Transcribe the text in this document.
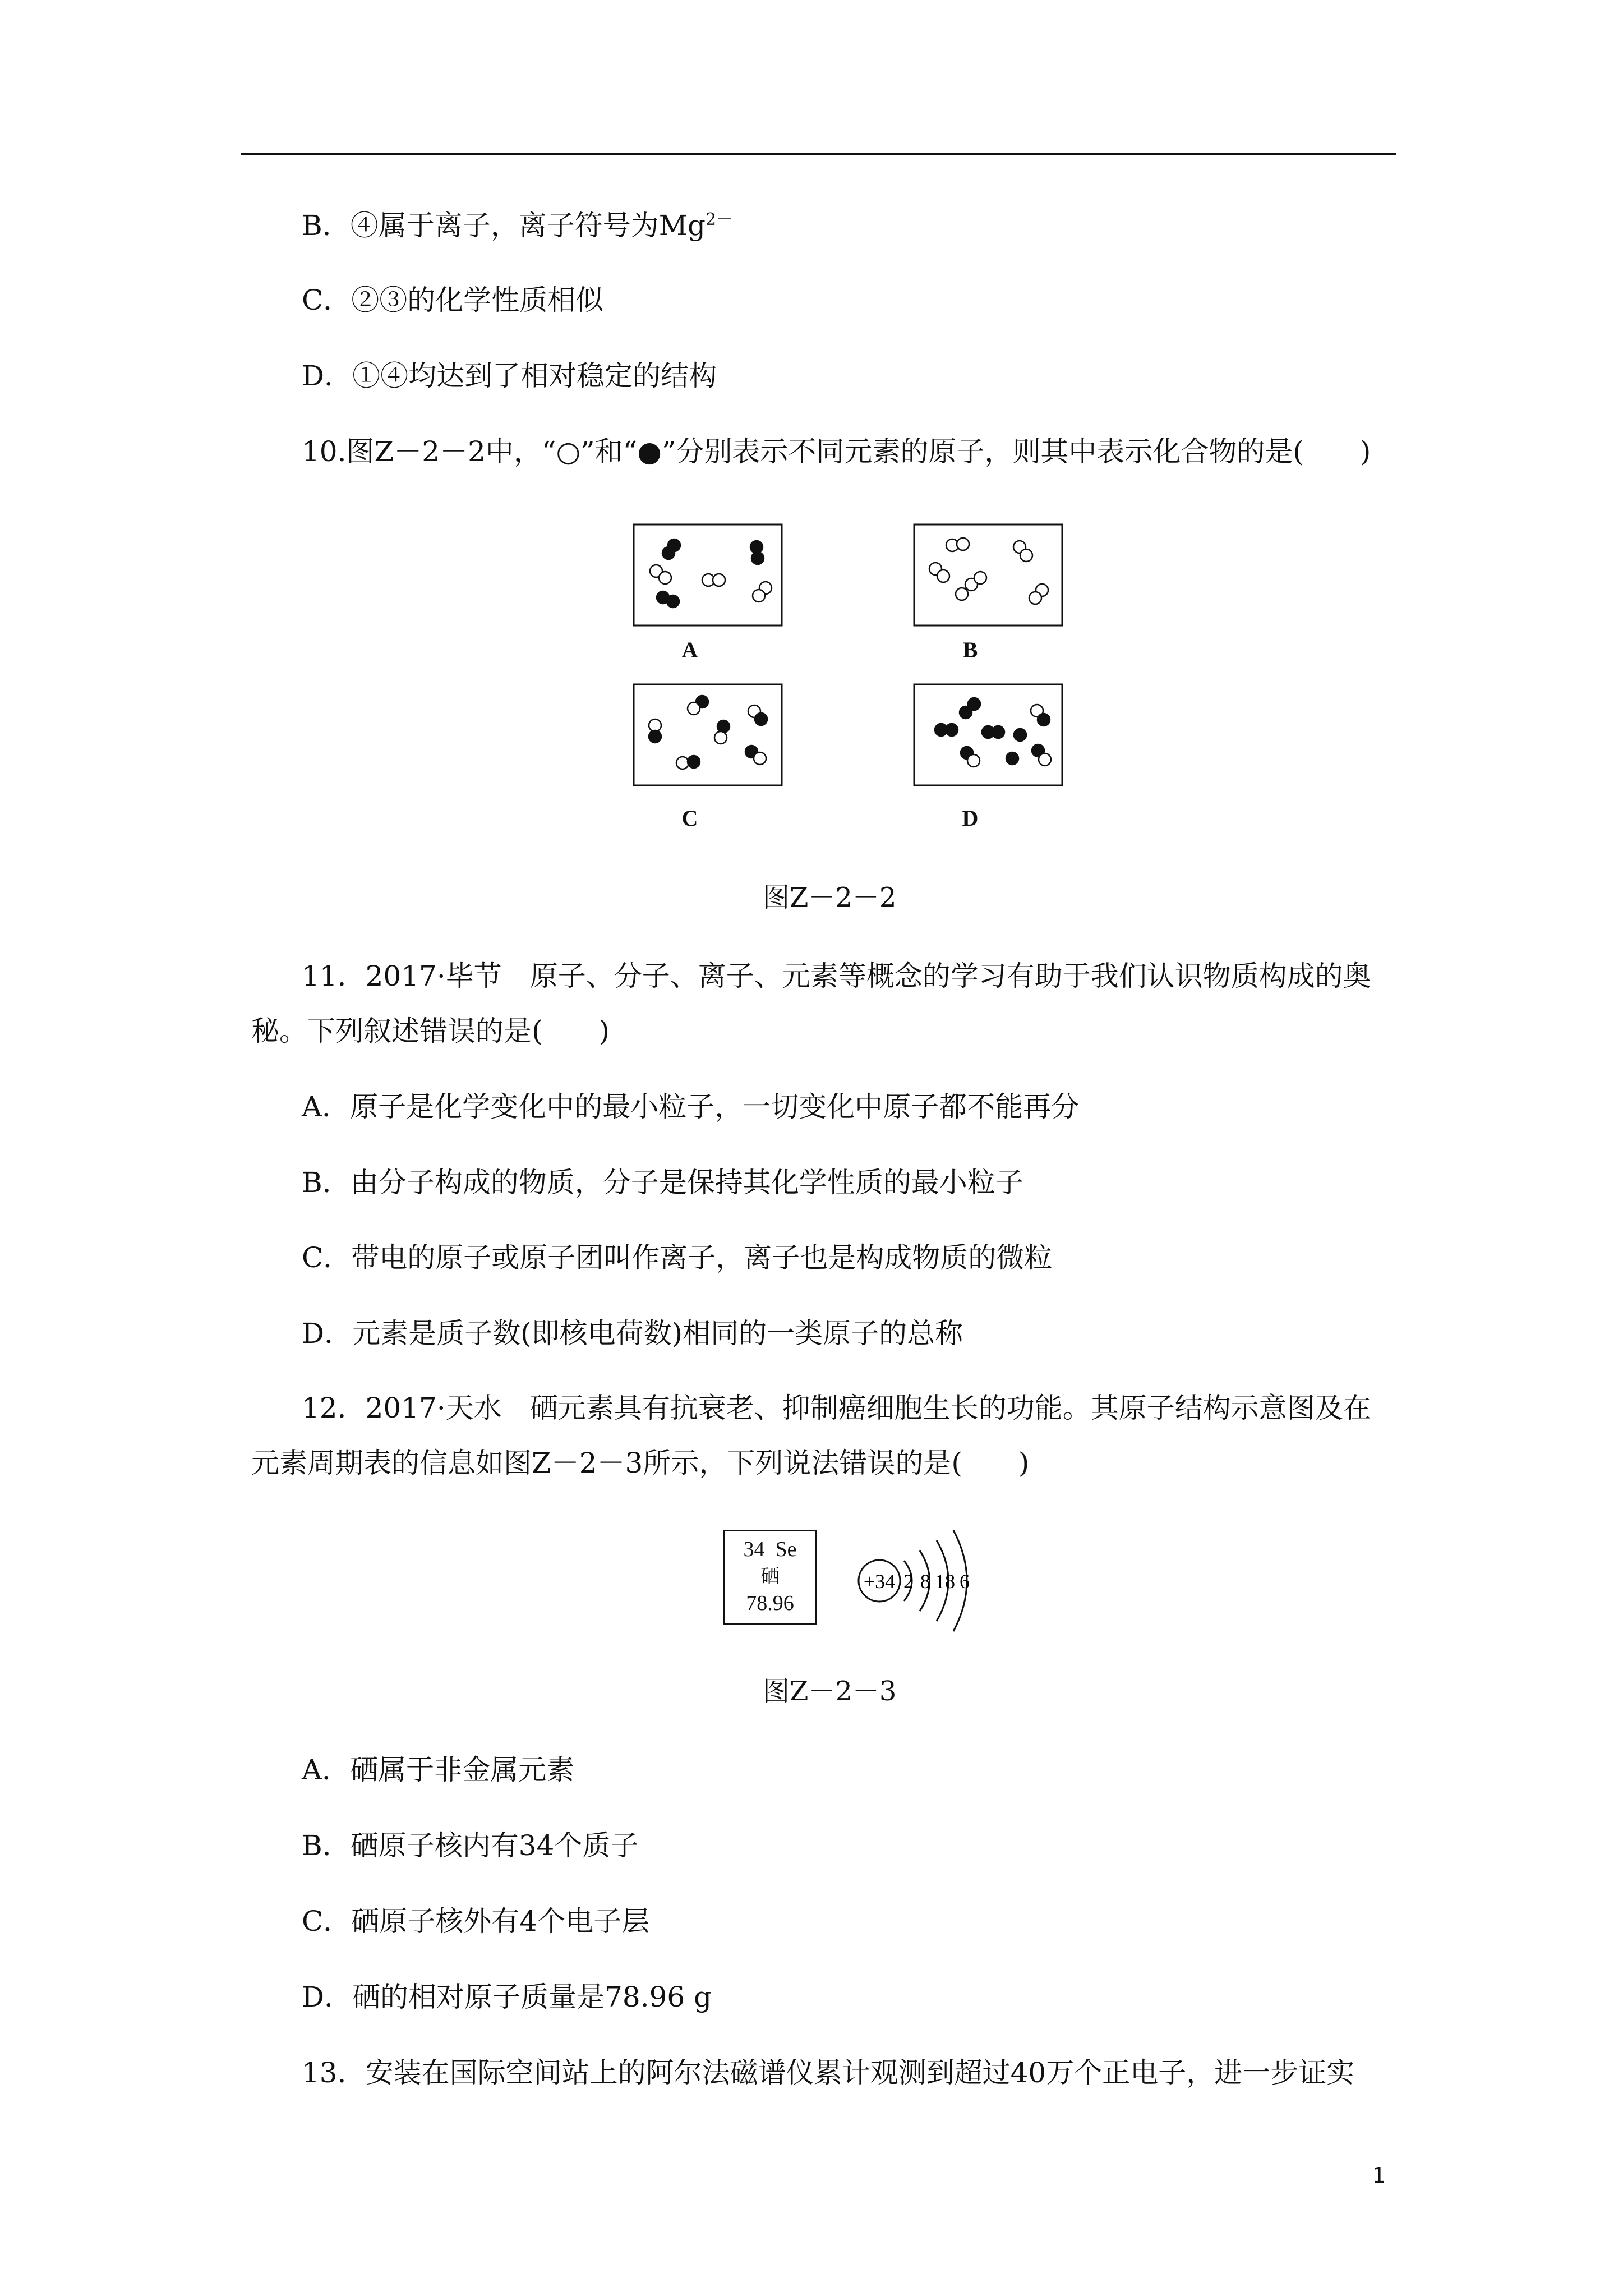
B．④属于离子，离子符号为$Mg^{2-}$
C．②③的化学性质相似
D．①④均达到了相对稳定的结构
10.图Z－2－2中，“○”和“●”分别表示不同元素的原子，则其中表示化合物的是(　　)
A	B
C	D
图Z－2－2
11．2017·毕节　原子、分子、离子、元素等概念的学习有助于我们认识物质构成的奥
秘。下列叙述错误的是(　　)
A．原子是化学变化中的最小粒子，一切变化中原子都不能再分
B．由分子构成的物质，分子是保持其化学性质的最小粒子
C．带电的原子或原子团叫作离子，离子也是构成物质的微粒
D．元素是质子数(即核电荷数)相同的一类原子的总称
12．2017·天水　硒元素具有抗衰老、抑制癌细胞生长的功能。其原子结构示意图及在
元素周期表的信息如图Z－2－3所示，下列说法错误的是(　　)
34 Se
硒
78.96
+34 2 8 18 6
图Z－2－3
A．硒属于非金属元素
B．硒原子核内有34个质子
C．硒原子核外有4个电子层
D．硒的相对原子质量是78.96 g
13．安装在国际空间站上的阿尔法磁谱仪累计观测到超过40万个正电子，进一步证实
1
